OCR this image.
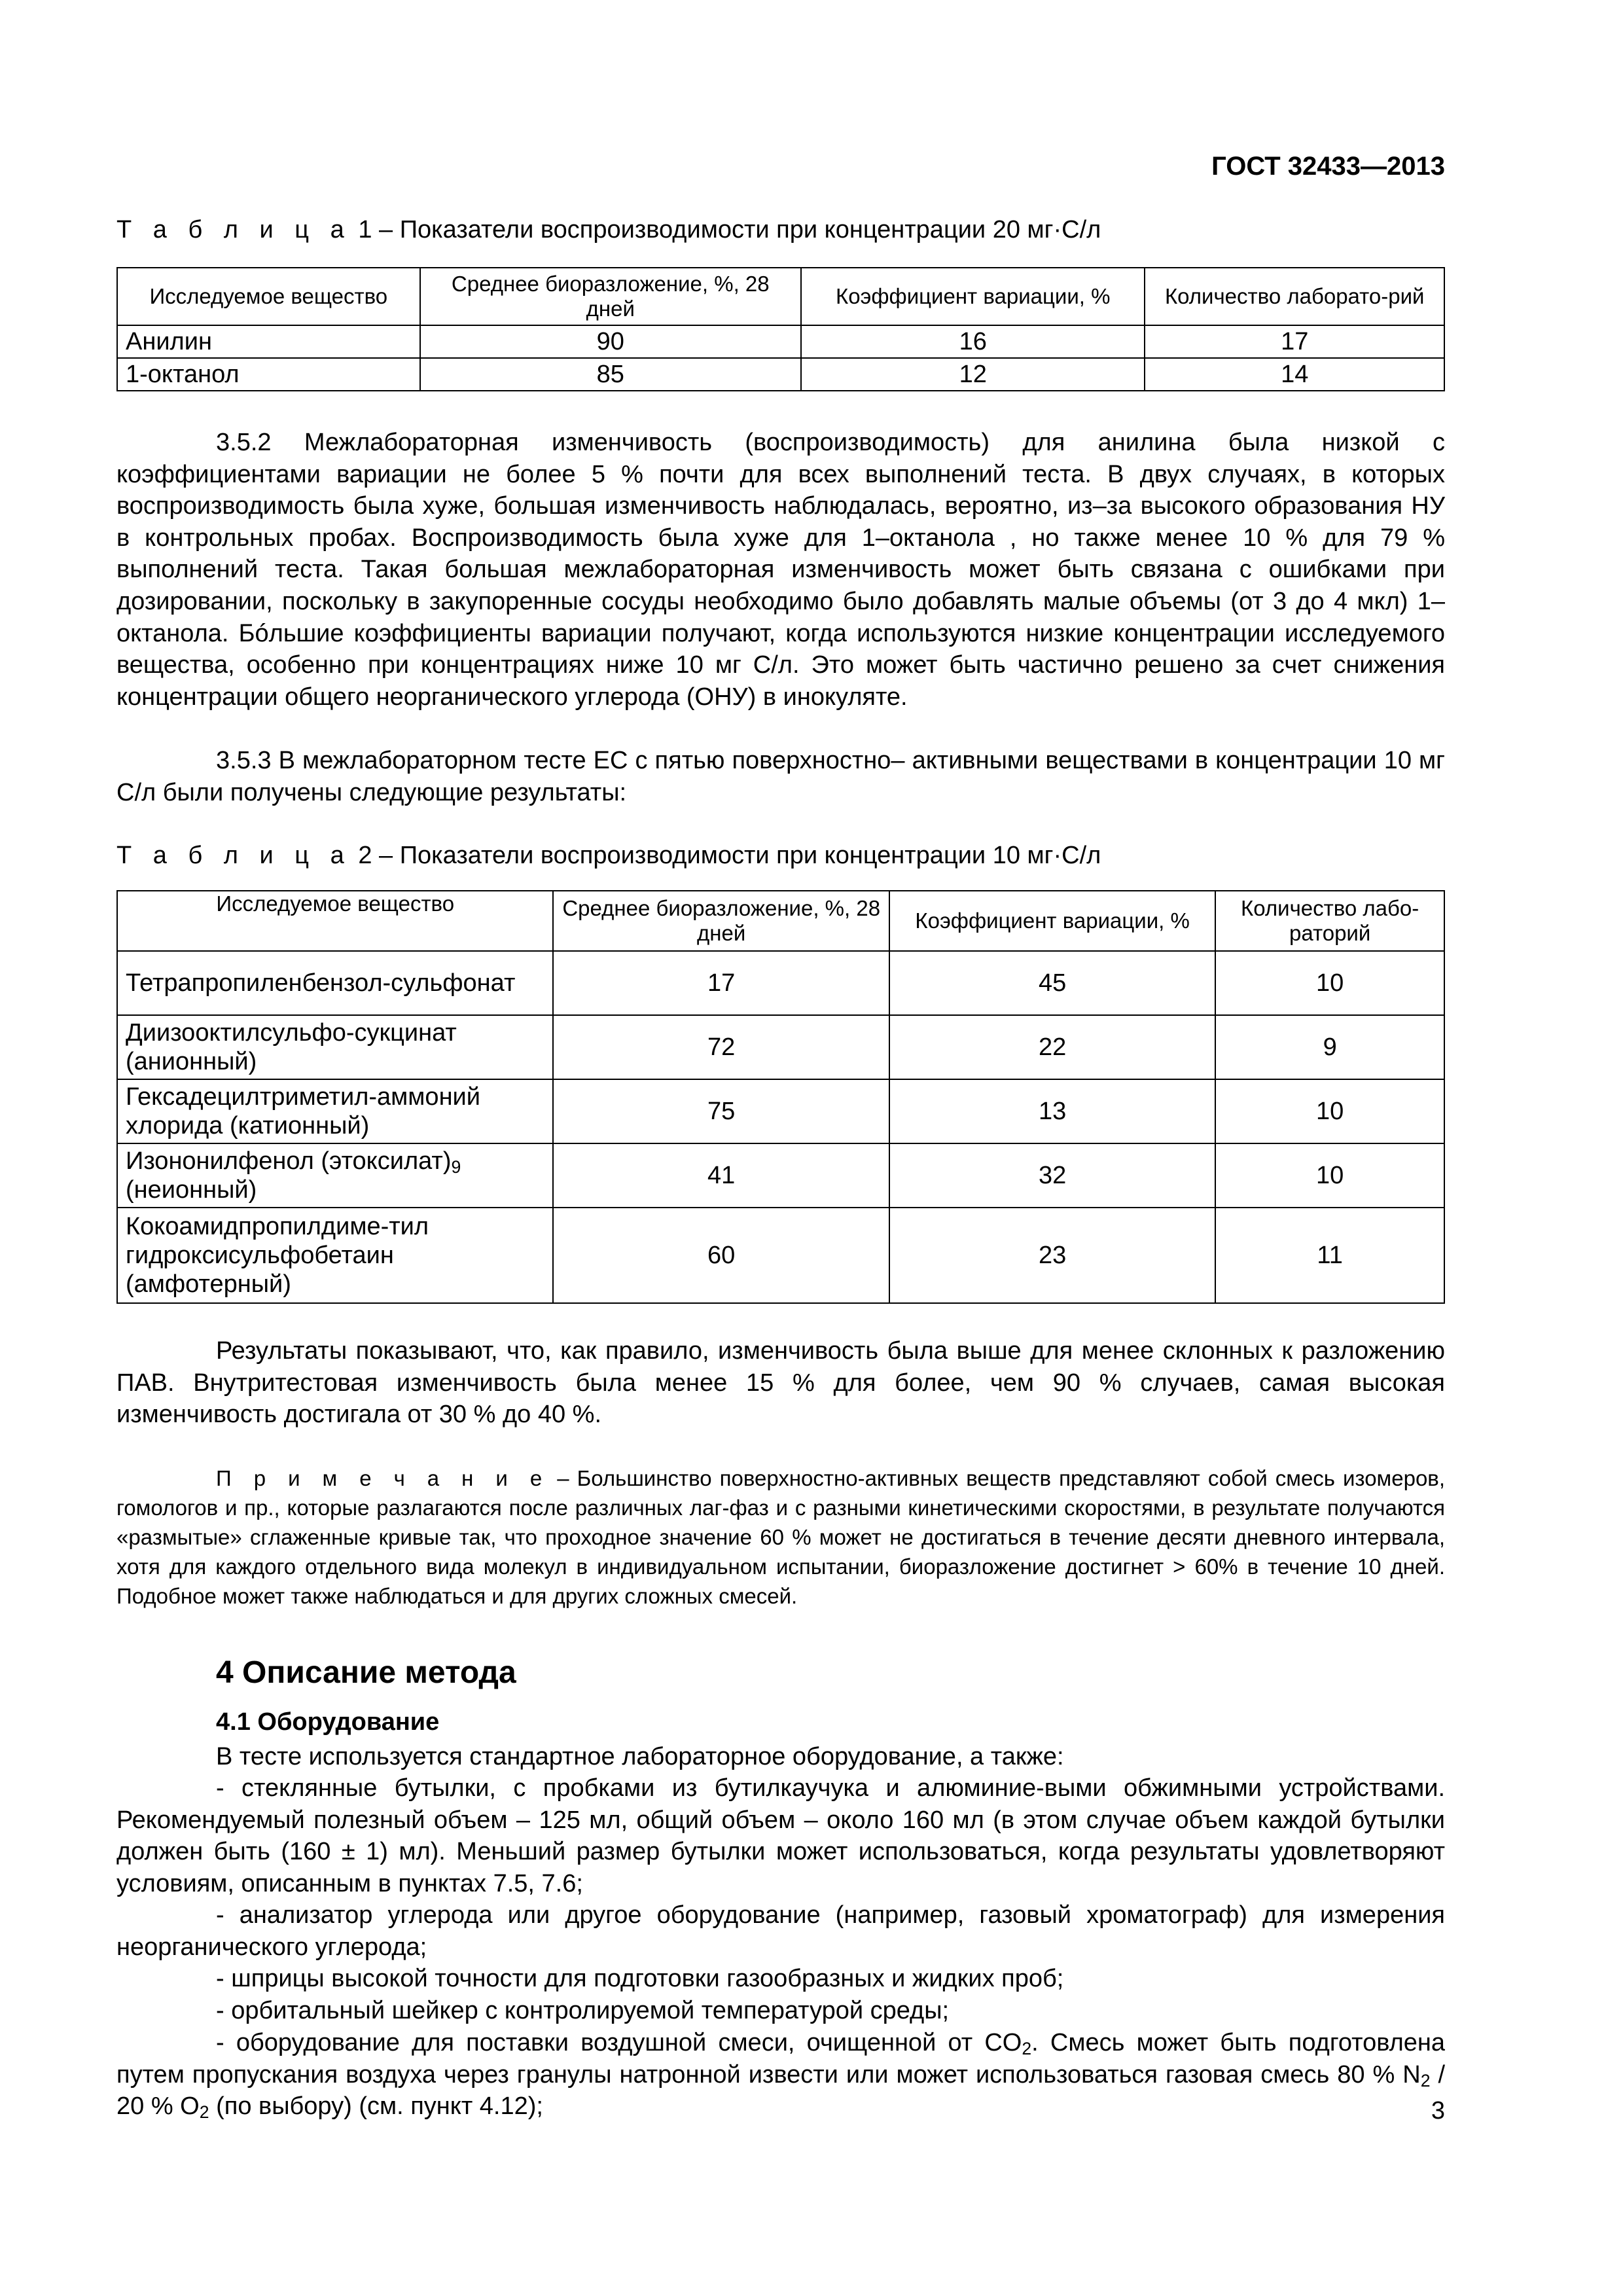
ГОСТ 32433—2013
Т а б л и ц а 1 – Показатели воспроизводимости при концентрации 20 мг·С/л
Исследуемое вещество	Среднее биоразложение, %, 28 дней	Коэффициент вариации, %	Количество лаборато-рий
Анилин	90	16	17
1-октанол	85	12	14

3.5.2 Межлабораторная изменчивость (воспроизводимость) для анилина была низкой с коэффициентами вариации не более 5 % почти для всех выполнений теста. В двух случаях, в которых воспроизводимость была хуже, большая изменчивость наблюдалась, вероятно, из–за высокого образования НУ в контрольных пробах. Воспроизводимость была хуже для 1–октанола , но также менее 10 % для 79 % выполнений теста. Такая большая межлабораторная изменчивость может быть связана с ошибками при дозировании, поскольку в закупоренные сосуды необходимо было добавлять малые объемы (от 3 до 4 мкл) 1–октанола. Бóльшие коэффициенты вариации получают, когда используются низкие концентрации исследуемого вещества, особенно при концентрациях ниже 10 мг С/л. Это может быть частично решено за счет снижения концентрации общего неорганического углерода (ОНУ) в инокуляте.

3.5.3 В межлабораторном тесте ЕС с пятью поверхностно– активными веществами в концентрации 10 мг С/л были получены следующие результаты:

Т а б л и ц а 2 – Показатели воспроизводимости при концентрации 10 мг·С/л
Исследуемое вещество	Среднее биоразложение, %, 28 дней	Коэффициент вариации, %	Количество лабо-раторий
Тетрапропиленбензол-сульфонат	17	45	10
Диизооктилсульфо-сукцинат (анионный)	72	22	9
Гексадецилтриметил-аммоний хлорида (катионный)	75	13	10
Изононилфенол $(этоксилат)_9$
(неионный)	41	32	10
Кокоамидпропилдиме-тил гидроксисульфобетаин (амфотерный)	60	23	11

Результаты показывают, что, как правило, изменчивость была выше для менее склонных к разложению ПАВ. Внутритестовая изменчивость была менее 15 % для более, чем 90 % случаев, самая высокая изменчивость достигала от 30 % до 40 %.

П р и м е ч а н и е – Большинство поверхностно-активных веществ представляют собой смесь изомеров, гомологов и пр., которые разлагаются после различных лаг-фаз и с разными кинетическими скоростями, в результате получаются «размытые» сглаженные кривые так, что проходное значение 60 % может не достигаться в течение десяти дневного интервала, хотя для каждого отдельного вида молекул в индивидуальном испытании, биоразложение достигнет > 60% в течение 10 дней. Подобное может также наблюдаться и для других сложных смесей.

4 Описание метода
4.1 Оборудование

В тесте используется стандартное лабораторное оборудование, а также:

- стеклянные бутылки, с пробками из бутилкаучука и алюминие-выми обжимными устройствами. Рекомендуемый полезный объем – 125 мл, общий объем – около 160 мл (в этом случае объем каждой бутылки должен быть (160 ± 1) мл). Меньший размер бутылки может использоваться, когда результаты удовлетворяют условиям, описанным в пунктах 7.5, 7.6;

- анализатор углерода или другое оборудование (например, газовый хроматограф) для измерения неорганического углерода;

- шприцы высокой точности для подготовки газообразных и жидких проб;

- орбитальный шейкер с контролируемой температурой среды;

- оборудование для поставки воздушной смеси, очищенной от $CO_2$. Смесь может быть подготовлена путем пропускания воздуха через гранулы натронной извести или может использоваться газовая смесь 80 % $N_2 / 20$ % $O_2$ (по выбору) (см. пункт 4.12);	3
